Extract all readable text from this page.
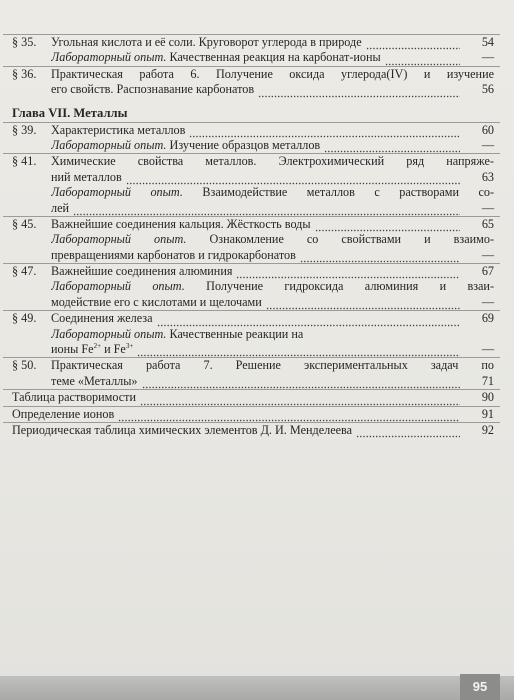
§ 35.	Угольная кислота и её соли. Круговорот углерода в природе	54
Лабораторный опыт. Качественная реакция на карбонат-ионы	—
§ 36.	Практическая работа 6. Получение оксида углерода(IV) и изучение
его свойств. Распознавание карбонатов	56
Глава VII. Металлы
§ 39.	Характеристика металлов	60
Лабораторный опыт. Изучение образцов металлов	—
§ 41.	Химические свойства металлов. Электрохимический ряд напряже-
ний металлов	63
Лабораторный опыт. Взаимодействие металлов с растворами со-
лей	—
§ 45.	Важнейшие соединения кальция. Жёсткость воды	65
Лабораторный опыт. Ознакомление со свойствами и взаимо-
превращениями карбонатов и гидрокарбонатов	—
§ 47.	Важнейшие соединения алюминия	67
Лабораторный опыт. Получение гидроксида алюминия и взаи-
модействие его с кислотами и щелочами	—
§ 49.	Соединения железа	69
Лабораторный опыт. Качественные реакции на
ионы $Fe^{2+}$ и $Fe^{3+}$	—
§ 50.	Практическая работа 7. Решение экспериментальных задач по
теме «Металлы»	71
Таблица растворимости	90
Определение ионов	91
Периодическая таблица химических элементов Д. И. Менделеева	92
95
